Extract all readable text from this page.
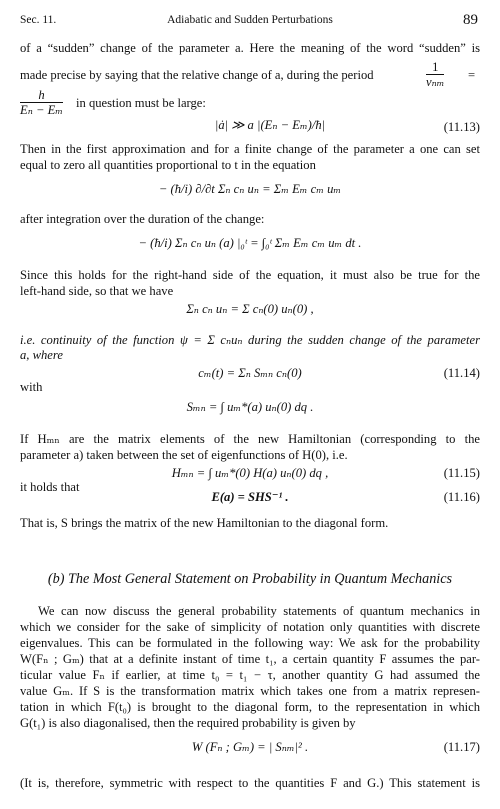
Sec. 11.	Adiabatic and Sudden Perturbations	89
of a “sudden” change of the parameter a. Here the meaning of the word “sudden” is
made precise by saying that the relative change of a, during the period
1
νₙₘ =
$\frac{h}{\text{Eₙ − Eₘ}}$ in question must be large:
|ȧ| ≫ a |(Eₙ − Eₘ)/ħ|	(11.13)
Then in the first approximation and for a finite change of the parameter a one can set
equal to zero all quantities proportional to t in the equation
− (ħ/i) ∂/∂t Σₙ cₙ uₙ = Σₘ Eₘ cₘ uₘ
after integration over the duration of the change:
− (ħ/i) Σₙ cₙ uₙ (a) |₀ᵗ = ∫₀ᵗ Σₘ Eₘ cₘ uₘ dt .
Since this holds for the right-hand side of the equation, it must also be true for the
left-hand side, so that we have
Σₙ cₙ uₙ = Σ cₙ(0) uₙ(0) ,
i.e. continuity of the function ψ = Σ cₙuₙ during the sudden change of the parameter
a, where
cₘ(t) = Σₙ Sₘₙ cₙ(0)	(11.14)
with
Sₘₙ = ∫ uₘ*(a) uₙ(0) dq .
If Hₘₙ are the matrix elements of the new Hamiltonian (corresponding to the
parameter a) taken between the set of eigenfunctions of H(0), i.e.
Hₘₙ = ∫ uₘ*(0) H(a) uₙ(0) dq ,	(11.15)
it holds that
E(a) = SHS⁻¹ .	(11.16)
That is, S brings the matrix of the new Hamiltonian to the diagonal form.
(b) The Most General Statement on Probability in Quantum Mechanics
We can now discuss the general probability statements of quantum mechanics in
which we consider for the sake of simplicity of notation only quantities with discrete
eigenvalues. This can be formulated in the following way: We ask for the probability
W(Fₙ ; Gₘ) that at a definite instant of time t₁, a certain quantity F assumes the par-
ticular value Fₙ if earlier, at time t₀ = t₁ − τ, another quantity G had assumed the
value Gₘ. If S is the transformation matrix which takes one from a matrix represen-
tation in which F(t₀) is brought to the diagonal form, to the representation in which
G(t₁) is also diagonalised, then the required probability is given by
W (Fₙ ; Gₘ) = | Sₙₘ|² .	(11.17)
(It is, therefore, symmetric with respect to the quantities F and G.) This statement is
